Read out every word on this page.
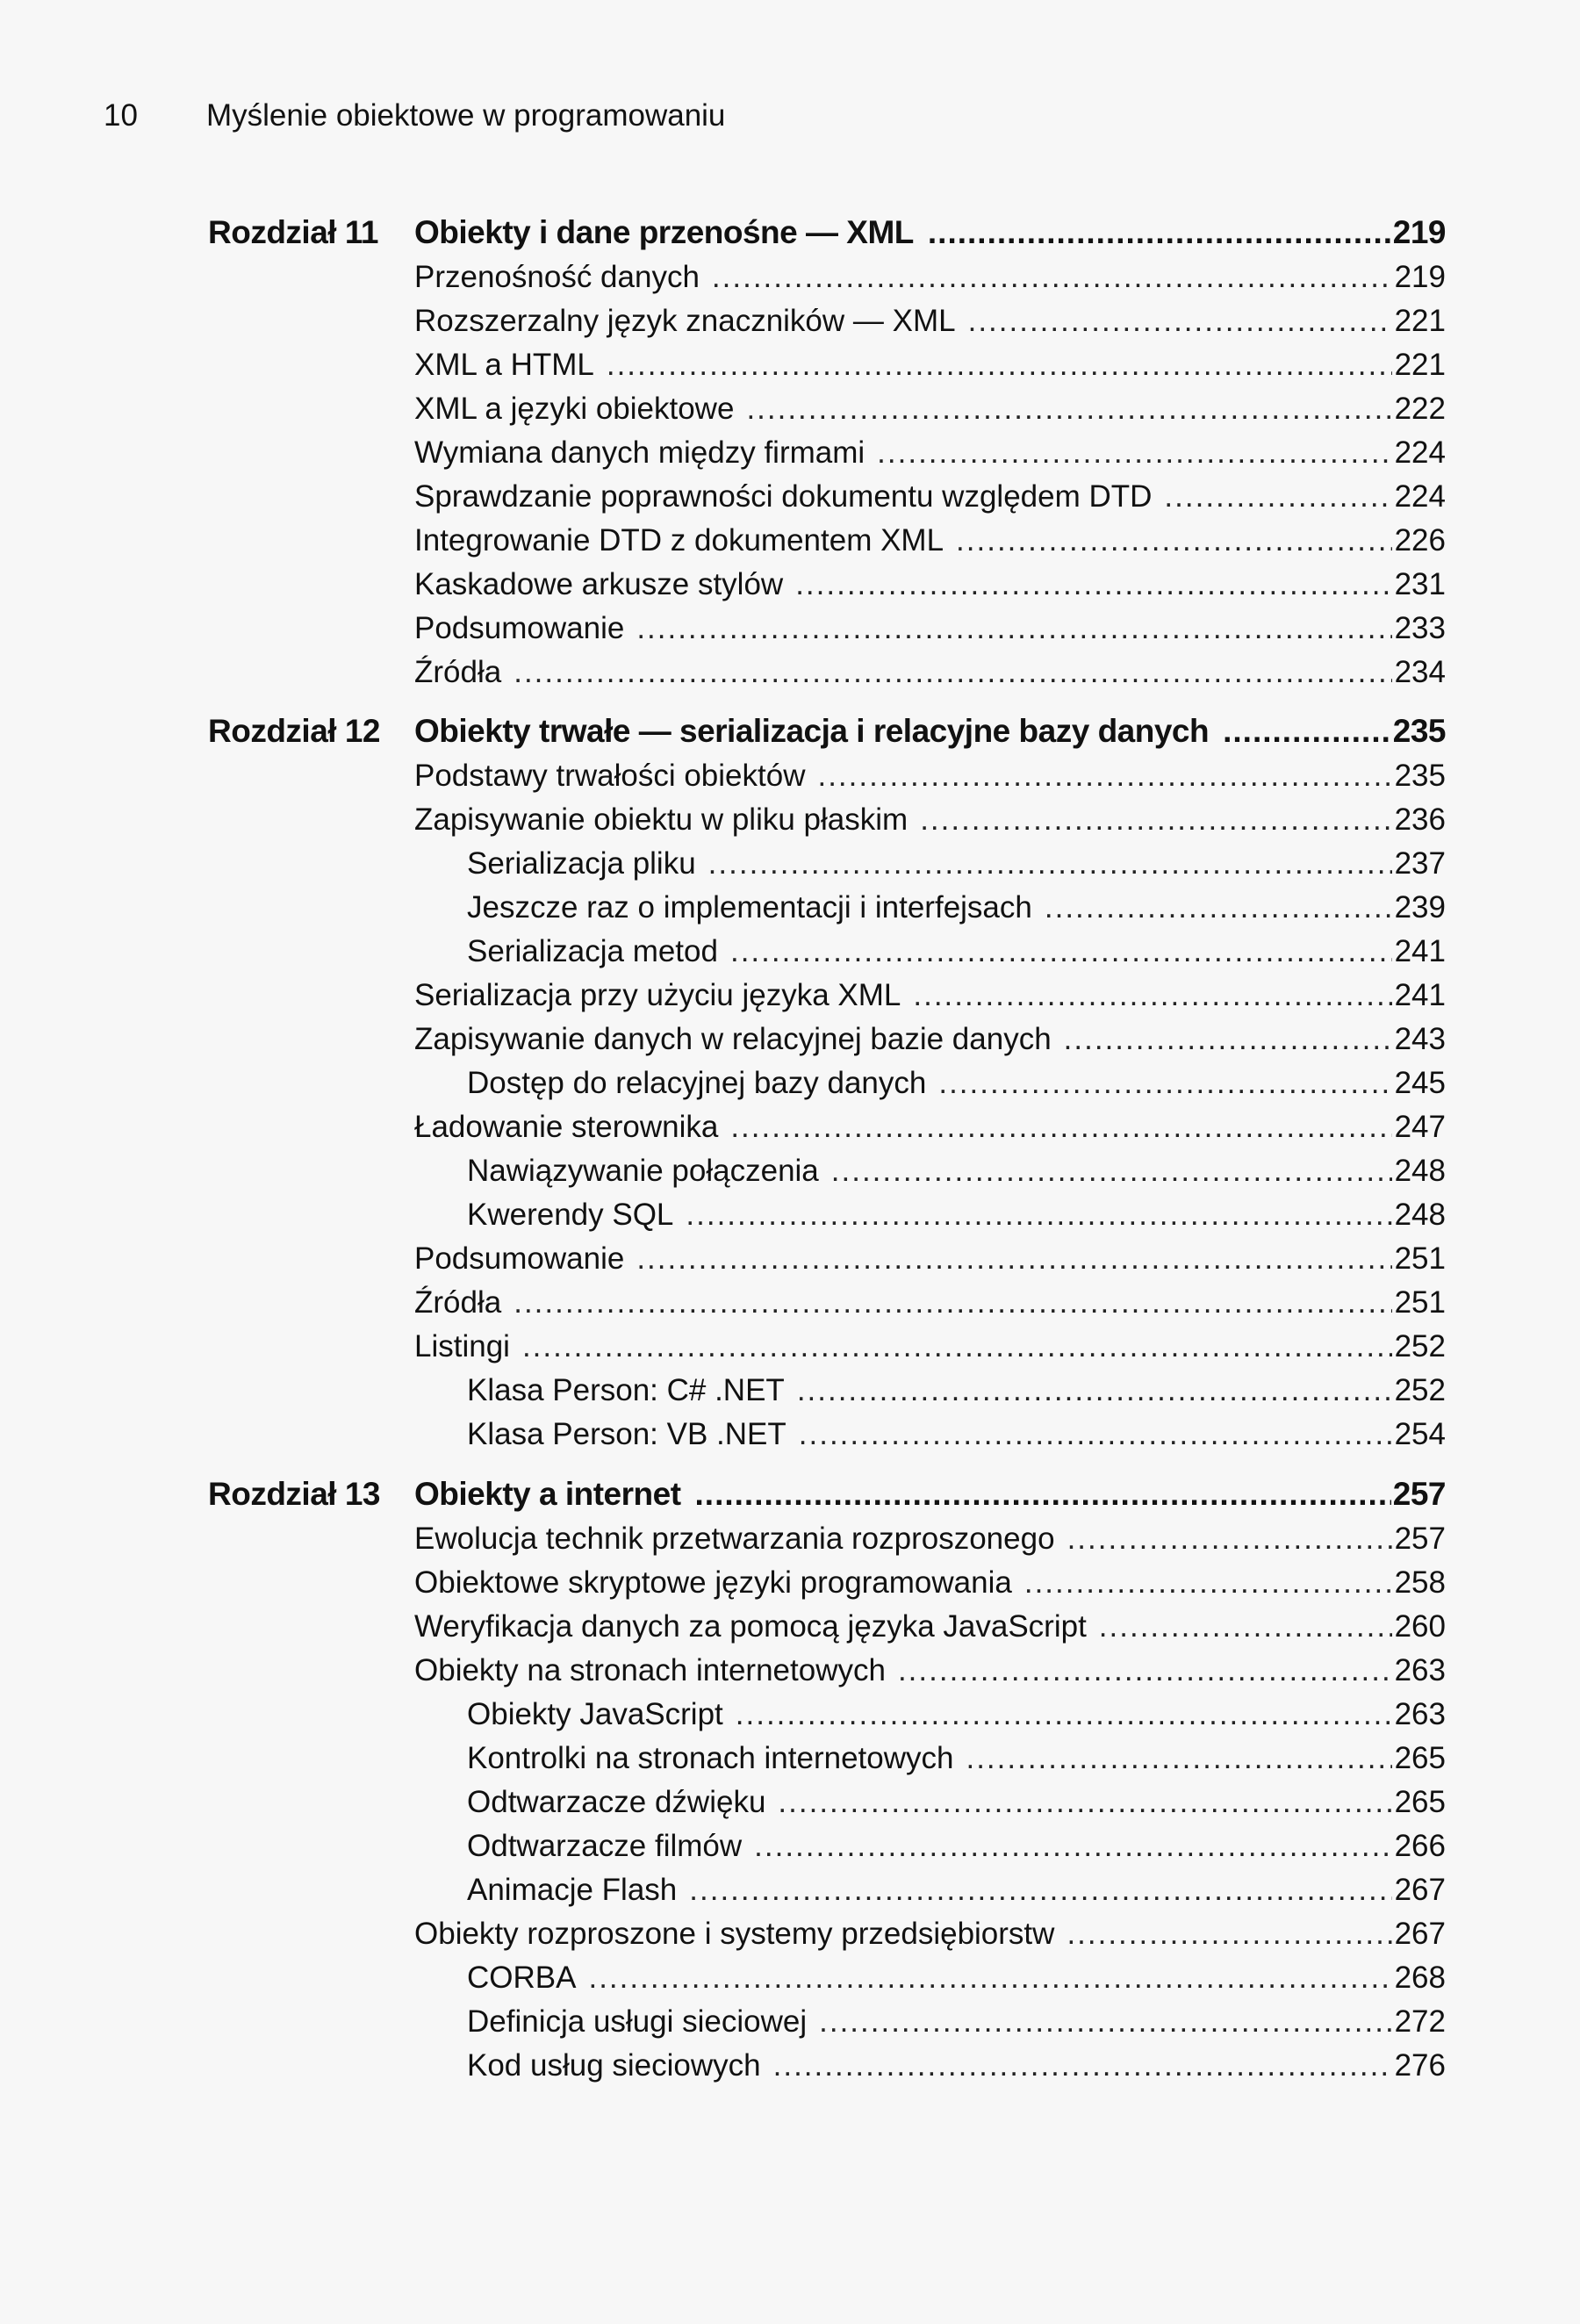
10 Myślenie obiektowe w programowaniu
Rozdział 11	Obiekty i dane przenośne — XML .....	219
Przenośność danych .....	219
Rozszerzalny język znaczników — XML .....	221
XML a HTML .....	221
XML a języki obiektowe .....	222
Wymiana danych między firmami .....	224
Sprawdzanie poprawności dokumentu względem DTD .....	224
Integrowanie DTD z dokumentem XML .....	226
Kaskadowe arkusze stylów .....	231
Podsumowanie .....	233
Źródła .....	234
Rozdział 12	Obiekty trwałe — serializacja i relacyjne bazy danych .....	235
Podstawy trwałości obiektów .....	235
Zapisywanie obiektu w pliku płaskim .....	236
Serializacja pliku .....	237
Jeszcze raz o implementacji i interfejsach .....	239
Serializacja metod .....	241
Serializacja przy użyciu języka XML .....	241
Zapisywanie danych w relacyjnej bazie danych .....	243
Dostęp do relacyjnej bazy danych .....	245
Ładowanie sterownika .....	247
Nawiązywanie połączenia .....	248
Kwerendy SQL .....	248
Podsumowanie .....	251
Źródła .....	251
Listingi .....	252
Klasa Person: C# .NET .....	252
Klasa Person: VB .NET .....	254
Rozdział 13	Obiekty a internet .....	257
Ewolucja technik przetwarzania rozproszonego .....	257
Obiektowe skryptowe języki programowania .....	258
Weryfikacja danych za pomocą języka JavaScript .....	260
Obiekty na stronach internetowych .....	263
Obiekty JavaScript .....	263
Kontrolki na stronach internetowych .....	265
Odtwarzacze dźwięku .....	265
Odtwarzacze filmów .....	266
Animacje Flash .....	267
Obiekty rozproszone i systemy przedsiębiorstw .....	267
CORBA .....	268
Definicja usługi sieciowej .....	272
Kod usług sieciowych .....	276
